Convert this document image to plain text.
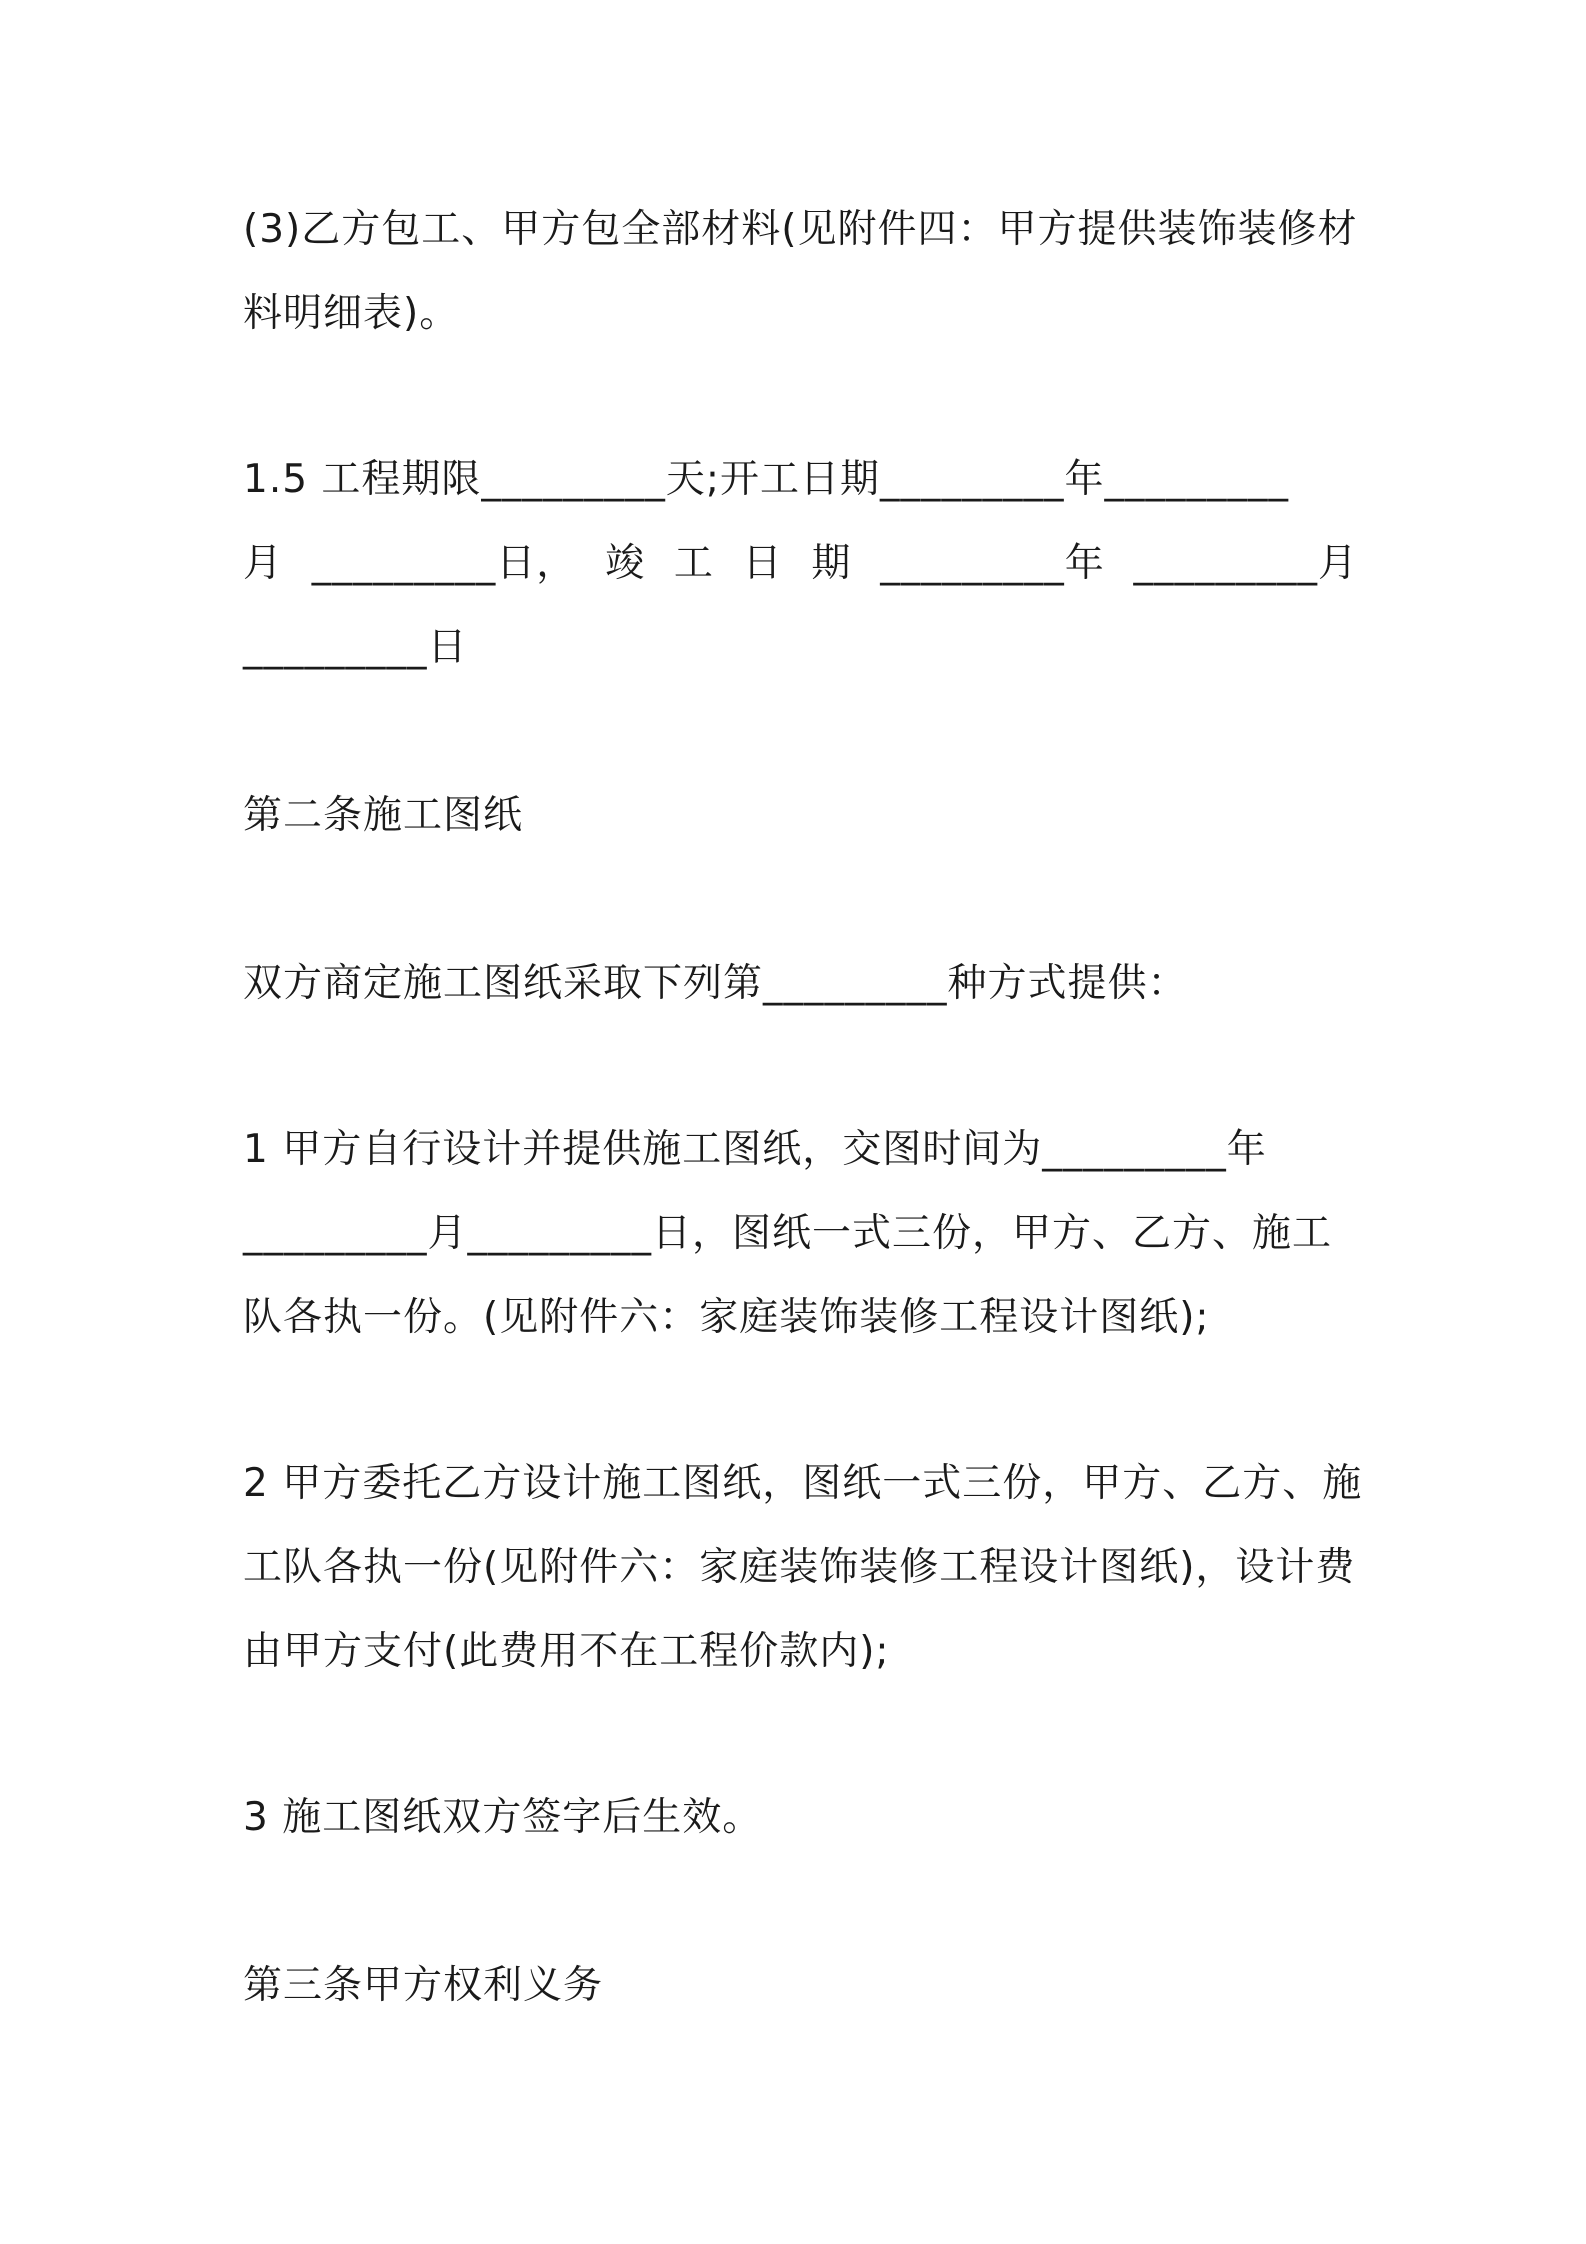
(3)乙方包工、甲方包全部材料(见附件四：甲方提供装饰装修材
料明细表)。
1.5 工程期限_________天;开工日期_________年_________
月 _________日， 竣 工 日 期 _________年 _________月
_________日
第二条施工图纸
双方商定施工图纸采取下列第_________种方式提供：
1 甲方自行设计并提供施工图纸，交图时间为_________年
_________月_________日，图纸一式三份，甲方、乙方、施工
队各执一份。(见附件六：家庭装饰装修工程设计图纸);
2 甲方委托乙方设计施工图纸，图纸一式三份，甲方、乙方、施
工队各执一份(见附件六：家庭装饰装修工程设计图纸)，设计费
由甲方支付(此费用不在工程价款内);
3 施工图纸双方签字后生效。
第三条甲方权利义务
